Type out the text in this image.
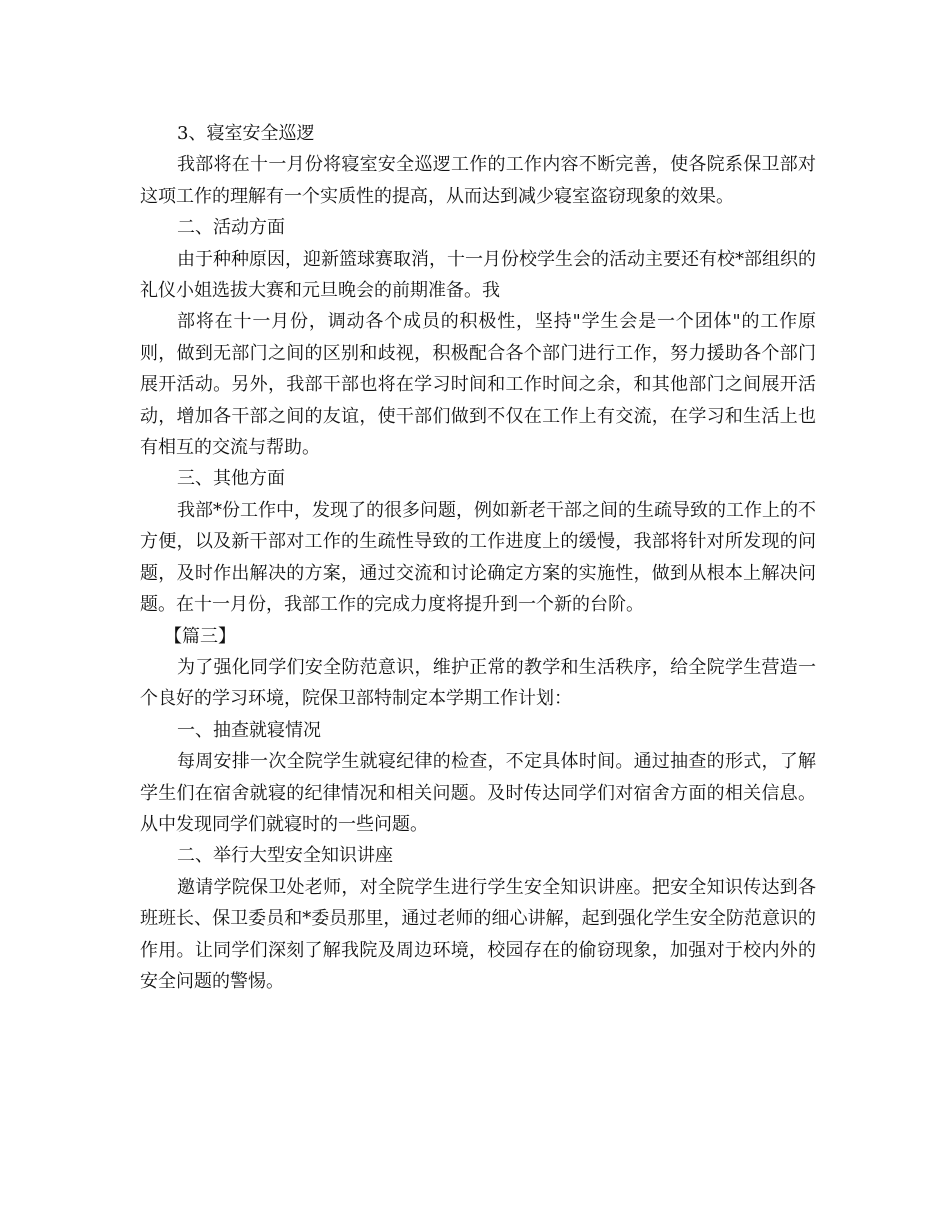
3、寝室安全巡逻

我部将在十一月份将寝室安全巡逻工作的工作内容不断完善，使各院系保卫部对这项工作的理解有一个实质性的提高，从而达到减少寝室盗窃现象的效果。

二、活动方面

由于种种原因，迎新篮球赛取消，十一月份校学生会的活动主要还有校*部组织的礼仪小姐选拔大赛和元旦晚会的前期准备。我

部将在十一月份，调动各个成员的积极性，坚持"学生会是一个团体"的工作原则，做到无部门之间的区别和歧视，积极配合各个部门进行工作，努力援助各个部门展开活动。另外，我部干部也将在学习时间和工作时间之余，和其他部门之间展开活动，增加各干部之间的友谊，使干部们做到不仅在工作上有交流，在学习和生活上也有相互的交流与帮助。

三、其他方面

我部*份工作中，发现了的很多问题，例如新老干部之间的生疏导致的工作上的不方便，以及新干部对工作的生疏性导致的工作进度上的缓慢，我部将针对所发现的问题，及时作出解决的方案，通过交流和讨论确定方案的实施性，做到从根本上解决问题。在十一月份，我部工作的完成力度将提升到一个新的台阶。

【篇三】

为了强化同学们安全防范意识，维护正常的教学和生活秩序，给全院学生营造一个良好的学习环境，院保卫部特制定本学期工作计划：

一、抽查就寝情况

每周安排一次全院学生就寝纪律的检查，不定具体时间。通过抽查的形式，了解学生们在宿舍就寝的纪律情况和相关问题。及时传达同学们对宿舍方面的相关信息。从中发现同学们就寝时的一些问题。

二、举行大型安全知识讲座

邀请学院保卫处老师，对全院学生进行学生安全知识讲座。把安全知识传达到各班班长、保卫委员和*委员那里，通过老师的细心讲解，起到强化学生安全防范意识的作用。让同学们深刻了解我院及周边环境，校园存在的偷窃现象，加强对于校内外的安全问题的警惕。
